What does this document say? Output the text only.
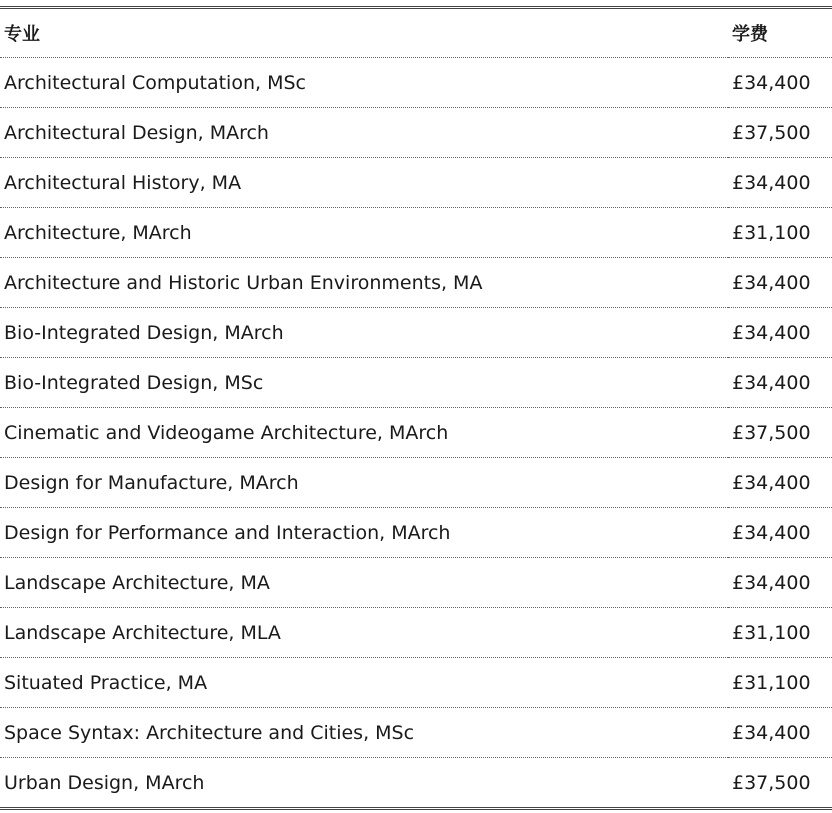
专业	学费
Architectural Computation, MSc	£34,400
Architectural Design, MArch	£37,500
Architectural History, MA	£34,400
Architecture, MArch	£31,100
Architecture and Historic Urban Environments, MA	£34,400
Bio-Integrated Design, MArch	£34,400
Bio-Integrated Design, MSc	£34,400
Cinematic and Videogame Architecture, MArch	£37,500
Design for Manufacture, MArch	£34,400
Design for Performance and Interaction, MArch	£34,400
Landscape Architecture, MA	£34,400
Landscape Architecture, MLA	£31,100
Situated Practice, MA	£31,100
Space Syntax: Architecture and Cities, MSc	£34,400
Urban Design, MArch	£37,500
